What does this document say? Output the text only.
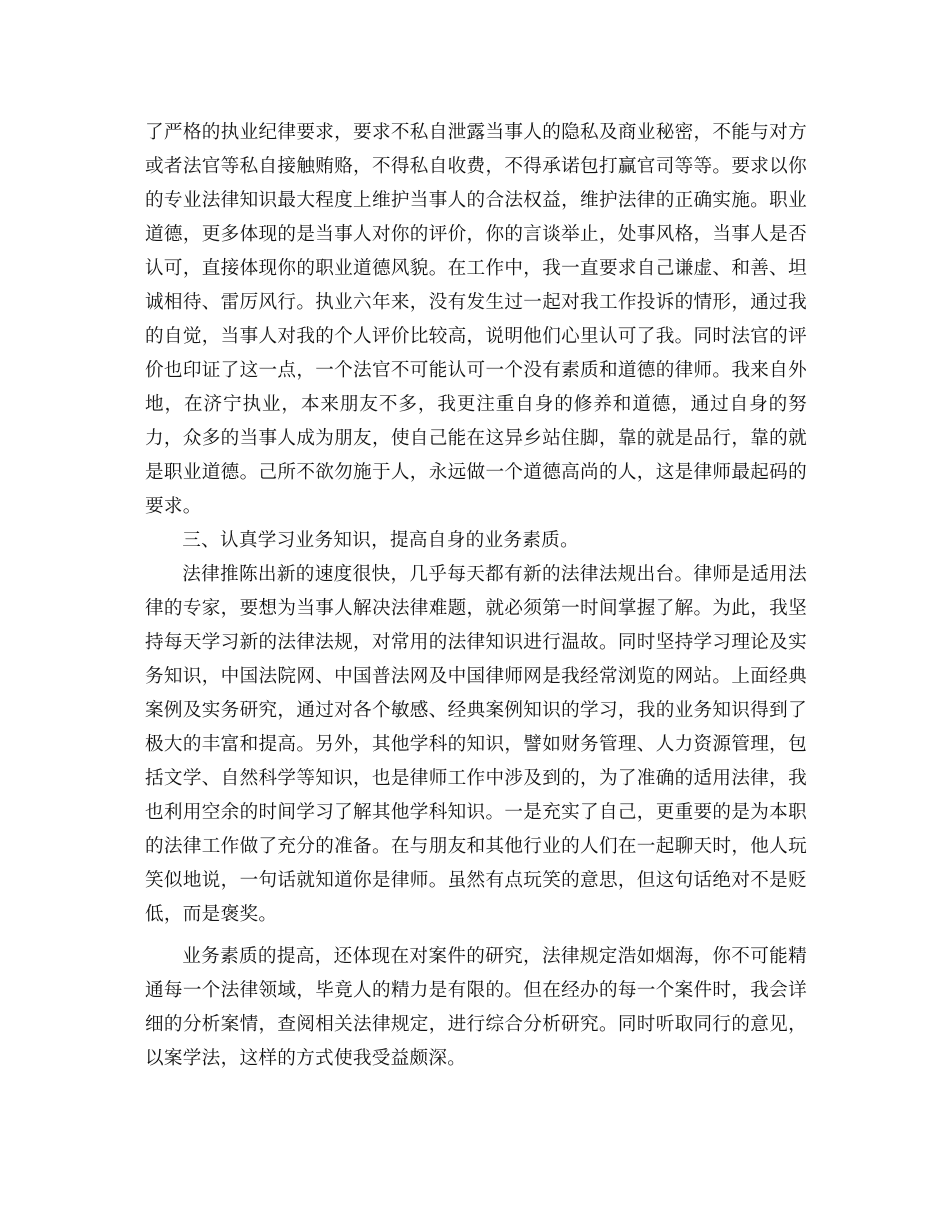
了严格的执业纪律要求，要求不私自泄露当事人的隐私及商业秘密，不能与对方或者法官等私自接触贿赂，不得私自收费，不得承诺包打赢官司等等。要求以你的专业法律知识最大程度上维护当事人的合法权益，维护法律的正确实施。职业道德，更多体现的是当事人对你的评价，你的言谈举止，处事风格，当事人是否认可，直接体现你的职业道德风貌。在工作中，我一直要求自己谦虚、和善、坦诚相待、雷厉风行。执业六年来，没有发生过一起对我工作投诉的情形，通过我的自觉，当事人对我的个人评价比较高，说明他们心里认可了我。同时法官的评价也印证了这一点，一个法官不可能认可一个没有素质和道德的律师。我来自外地，在济宁执业，本来朋友不多，我更注重自身的修养和道德，通过自身的努力，众多的当事人成为朋友，使自己能在这异乡站住脚，靠的就是品行，靠的就是职业道德。己所不欲勿施于人，永远做一个道德高尚的人，这是律师最起码的要求。

三、认真学习业务知识，提高自身的业务素质。

法律推陈出新的速度很快，几乎每天都有新的法律法规出台。律师是适用法律的专家，要想为当事人解决法律难题，就必须第一时间掌握了解。为此，我坚持每天学习新的法律法规，对常用的法律知识进行温故。同时坚持学习理论及实务知识，中国法院网、中国普法网及中国律师网是我经常浏览的网站。上面经典案例及实务研究，通过对各个敏感、经典案例知识的学习，我的业务知识得到了极大的丰富和提高。另外，其他学科的知识，譬如财务管理、人力资源管理，包括文学、自然科学等知识，也是律师工作中涉及到的，为了准确的适用法律，我也利用空余的时间学习了解其他学科知识。一是充实了自己，更重要的是为本职的法律工作做了充分的准备。在与朋友和其他行业的人们在一起聊天时，他人玩笑似地说，一句话就知道你是律师。虽然有点玩笑的意思，但这句话绝对不是贬低，而是褒奖。

业务素质的提高，还体现在对案件的研究，法律规定浩如烟海，你不可能精通每一个法律领域，毕竟人的精力是有限的。但在经办的每一个案件时，我会详细的分析案情，查阅相关法律规定，进行综合分析研究。同时听取同行的意见，以案学法，这样的方式使我受益颇深。
